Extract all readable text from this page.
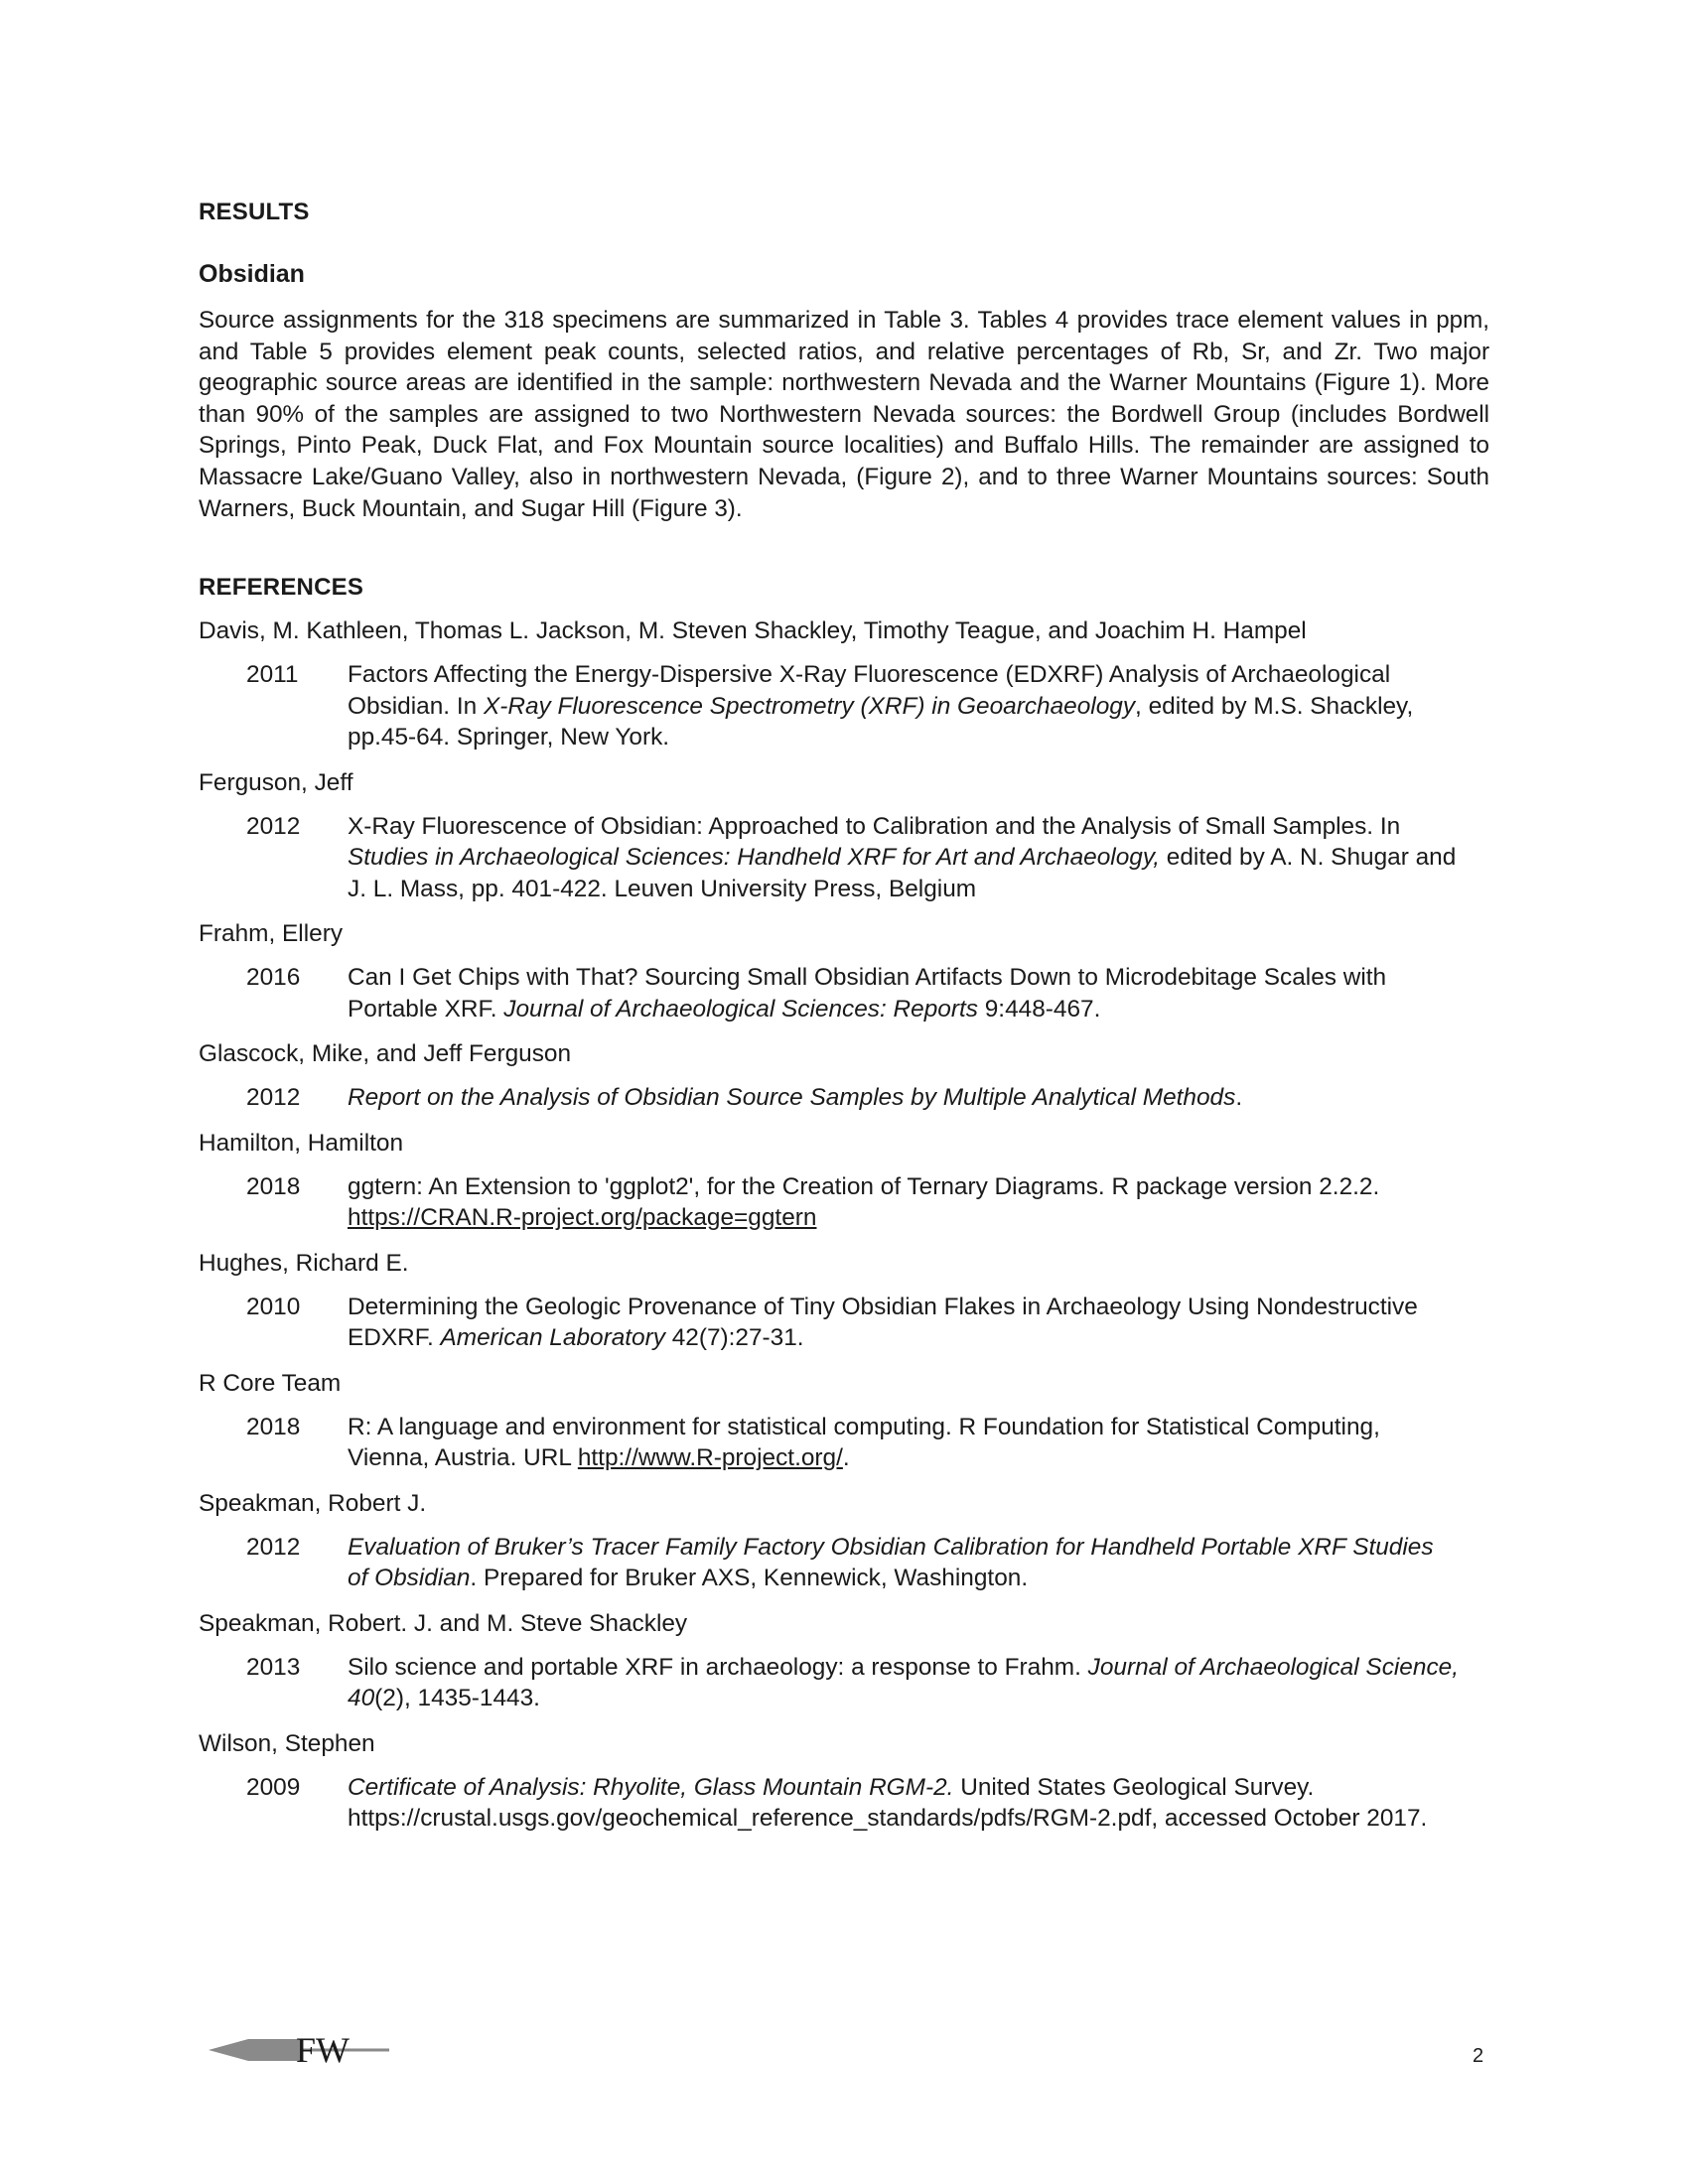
RESULTS
Obsidian

Source assignments for the 318 specimens are summarized in Table 3. Tables 4 provides trace element values in ppm, and Table 5 provides element peak counts, selected ratios, and relative percentages of Rb, Sr, and Zr. Two major geographic source areas are identified in the sample: northwestern Nevada and the Warner Mountains (Figure 1). More than 90% of the samples are assigned to two Northwestern Nevada sources: the Bordwell Group (includes Bordwell Springs, Pinto Peak, Duck Flat, and Fox Mountain source localities) and Buffalo Hills. The remainder are assigned to Massacre Lake/Guano Valley, also in northwestern Nevada, (Figure 2), and to three Warner Mountains sources: South Warners, Buck Mountain, and Sugar Hill (Figure 3).

REFERENCES
Davis, M. Kathleen, Thomas L. Jackson, M. Steven Shackley, Timothy Teague, and Joachim H. Hampel
2011 Factors Affecting the Energy-Dispersive X-Ray Fluorescence (EDXRF) Analysis of Archaeological Obsidian. In X-Ray Fluorescence Spectrometry (XRF) in Geoarchaeology, edited by M.S. Shackley, pp.45-64. Springer, New York.
Ferguson, Jeff
2012 X-Ray Fluorescence of Obsidian: Approached to Calibration and the Analysis of Small Samples. In Studies in Archaeological Sciences: Handheld XRF for Art and Archaeology, edited by A. N. Shugar and J. L. Mass, pp. 401-422. Leuven University Press, Belgium
Frahm, Ellery
2016 Can I Get Chips with That? Sourcing Small Obsidian Artifacts Down to Microdebitage Scales with Portable XRF. Journal of Archaeological Sciences: Reports 9:448-467.
Glascock, Mike, and Jeff Ferguson
2012 Report on the Analysis of Obsidian Source Samples by Multiple Analytical Methods.
Hamilton, Hamilton
2018 ggtern: An Extension to 'ggplot2', for the Creation of Ternary Diagrams. R package version 2.2.2. https://CRAN.R-project.org/package=ggtern
Hughes, Richard E.
2010 Determining the Geologic Provenance of Tiny Obsidian Flakes in Archaeology Using Nondestructive EDXRF. American Laboratory 42(7):27-31.
R Core Team
2018 R: A language and environment for statistical computing. R Foundation for Statistical Computing, Vienna, Austria. URL http://www.R-project.org/.
Speakman, Robert J.
2012 Evaluation of Bruker’s Tracer Family Factory Obsidian Calibration for Handheld Portable XRF Studies of Obsidian. Prepared for Bruker AXS, Kennewick, Washington.
Speakman, Robert. J. and M. Steve Shackley
2013 Silo science and portable XRF in archaeology: a response to Frahm. Journal of Archaeological Science, 40(2), 1435-1443.
Wilson, Stephen
2009 Certificate of Analysis: Rhyolite, Glass Mountain RGM-2. United States Geological Survey. https://crustal.usgs.gov/geochemical_reference_standards/pdfs/RGM-2.pdf, accessed October 2017.
FW	2
